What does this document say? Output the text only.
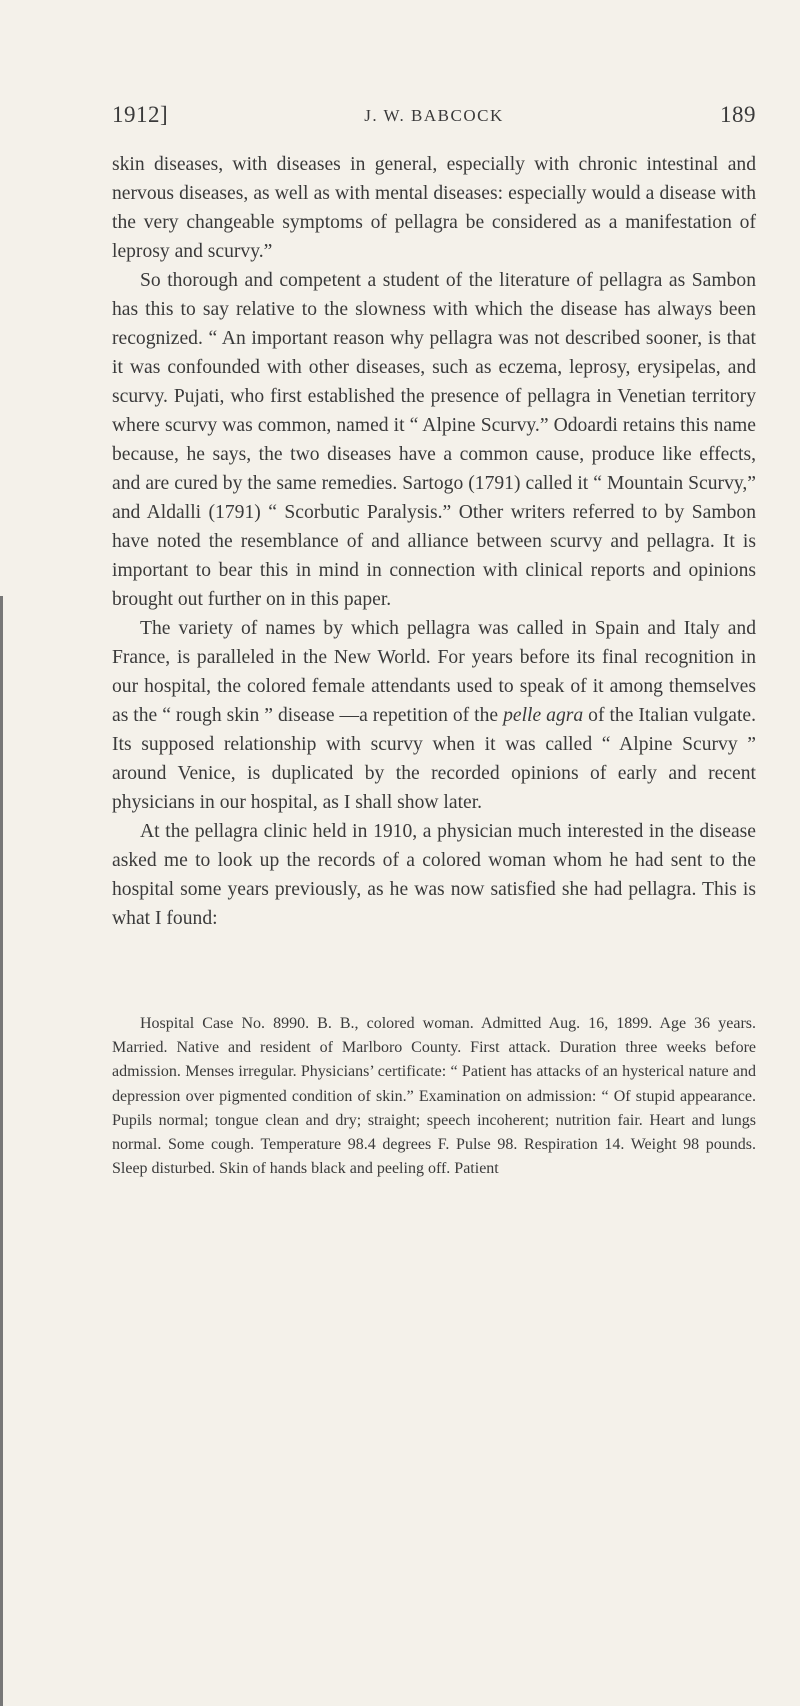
1912]	J. W. BABCOCK	189

skin diseases, with diseases in general, especially with chronic intestinal and nervous diseases, as well as with mental diseases: especially would a disease with the very changeable symptoms of pellagra be considered as a manifestation of leprosy and scurvy.”

So thorough and competent a student of the literature of pellagra as Sambon has this to say relative to the slowness with which the disease has always been recognized. “ An important reason why pellagra was not described sooner, is that it was confounded with other diseases, such as eczema, leprosy, erysipelas, and scurvy. Pujati, who first established the presence of pellagra in Venetian territory where scurvy was common, named it “ Alpine Scurvy.” Odoardi retains this name because, he says, the two diseases have a common cause, produce like effects, and are cured by the same remedies. Sartogo (1791) called it “ Mountain Scurvy,” and Aldalli (1791) “ Scorbutic Paralysis.” Other writers referred to by Sambon have noted the resemblance of and alliance between scurvy and pellagra. It is important to bear this in mind in connection with clinical reports and opinions brought out further on in this paper.

The variety of names by which pellagra was called in Spain and Italy and France, is paralleled in the New World. For years before its final recognition in our hospital, the colored female attendants used to speak of it among themselves as the “ rough skin ” disease —a repetition of the pelle agra of the Italian vulgate. Its supposed relationship with scurvy when it was called “ Alpine Scurvy ” around Venice, is duplicated by the recorded opinions of early and recent physicians in our hospital, as I shall show later.

At the pellagra clinic held in 1910, a physician much interested in the disease asked me to look up the records of a colored woman whom he had sent to the hospital some years previously, as he was now satisfied she had pellagra. This is what I found:

Hospital Case No. 8990. B. B., colored woman. Admitted Aug. 16, 1899. Age 36 years. Married. Native and resident of Marlboro County. First attack. Duration three weeks before admission. Menses irregular. Physicians’ certificate: “ Patient has attacks of an hysterical nature and depression over pigmented condition of skin.” Examination on admission: “ Of stupid appearance. Pupils normal; tongue clean and dry; straight; speech incoherent; nutrition fair. Heart and lungs normal. Some cough. Temperature 98.4 degrees F. Pulse 98. Respiration 14. Weight 98 pounds. Sleep disturbed. Skin of hands black and peeling off. Patient
